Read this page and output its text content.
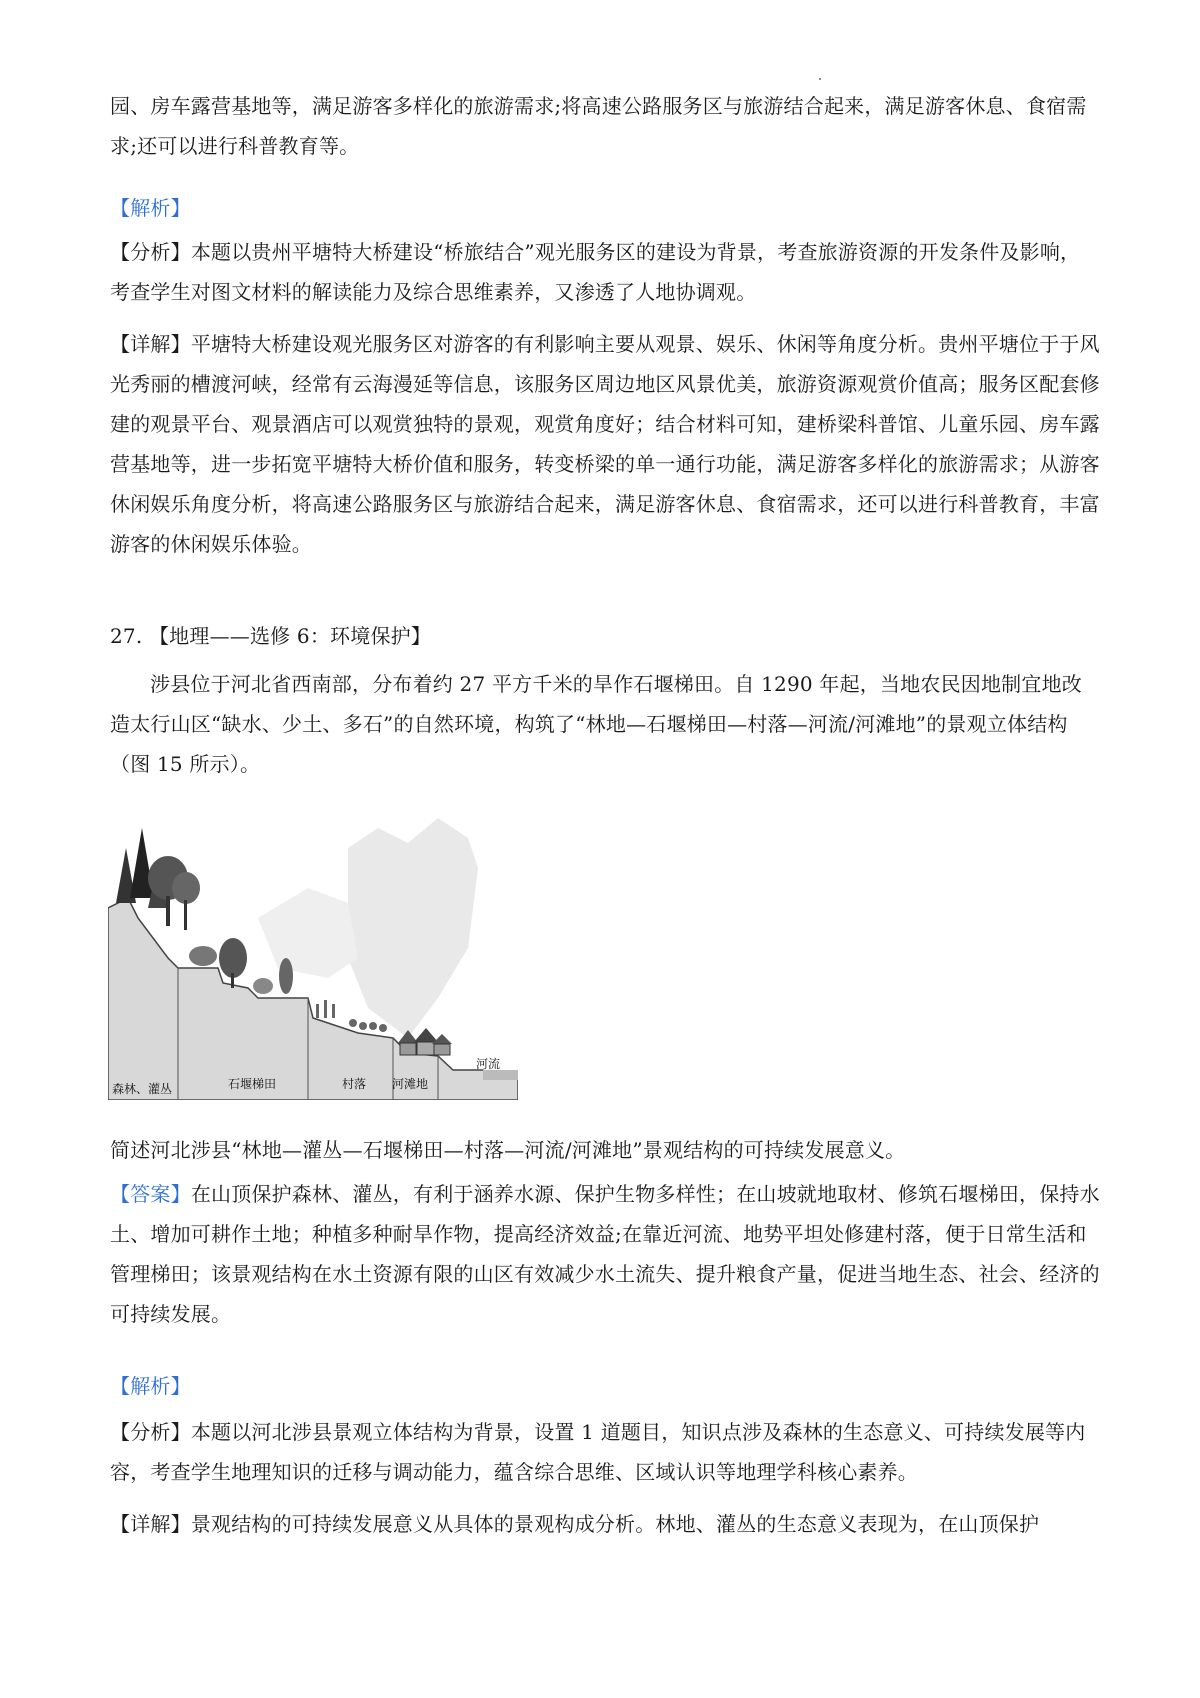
园、房车露营基地等，满足游客多样化的旅游需求;将高速公路服务区与旅游结合起来，满足游客休息、食宿需求;还可以进行科普教育等。

【解析】

【分析】本题以贵州平塘特大桥建设“桥旅结合”观光服务区的建设为背景，考查旅游资源的开发条件及影响，考查学生对图文材料的解读能力及综合思维素养，又渗透了人地协调观。

【详解】平塘特大桥建设观光服务区对游客的有利影响主要从观景、娱乐、休闲等角度分析。贵州平塘位于于风光秀丽的槽渡河峡，经常有云海漫延等信息，该服务区周边地区风景优美，旅游资源观赏价值高；服务区配套修建的观景平台、观景酒店可以观赏独特的景观，观赏角度好；结合材料可知，建桥梁科普馆、儿童乐园、房车露营基地等，进一步拓宽平塘特大桥价值和服务，转变桥梁的单一通行功能，满足游客多样化的旅游需求；从游客休闲娱乐角度分析，将高速公路服务区与旅游结合起来，满足游客休息、食宿需求，还可以进行科普教育，丰富游客的休闲娱乐体验。

27. 【地理——选修 6：环境保护】

涉县位于河北省西南部，分布着约 27 平方千米的旱作石堰梯田。自 1290 年起，当地农民因地制宜地改造太行山区“缺水、少土、多石”的自然环境，构筑了“林地—石堰梯田—村落—河流/河滩地”的景观立体结构（图 15 所示）。

森林、灌丛	石堰梯田	村落 河滩地
河流

简述河北涉县“林地—灌丛—石堰梯田—村落—河流/河滩地”景观结构的可持续发展意义。

【答案】在山顶保护森林、灌丛，有利于涵养水源、保护生物多样性；在山坡就地取材、修筑石堰梯田，保持水土、增加可耕作土地；种植多种耐旱作物，提高经济效益;在靠近河流、地势平坦处修建村落，便于日常生活和管理梯田；该景观结构在水土资源有限的山区有效减少水土流失、提升粮食产量，促进当地生态、社会、经济的可持续发展。

【解析】

【分析】本题以河北涉县景观立体结构为背景，设置 1 道题目，知识点涉及森林的生态意义、可持续发展等内容，考查学生地理知识的迁移与调动能力，蕴含综合思维、区域认识等地理学科核心素养。

【详解】景观结构的可持续发展意义从具体的景观构成分析。林地、灌丛的生态意义表现为，在山顶保护
